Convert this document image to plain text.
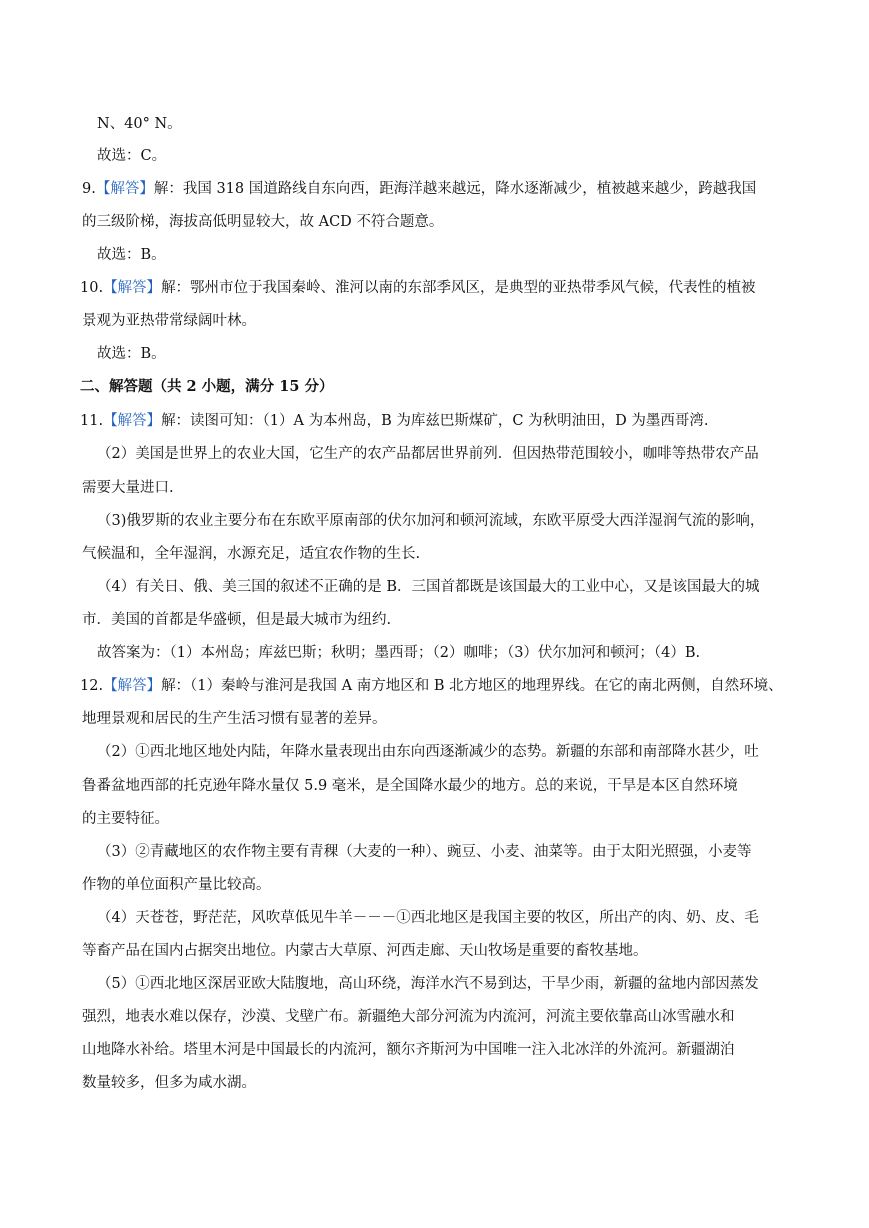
N、40° N。
故选：C。
9.【解答】解：我国 318 国道路线自东向西，距海洋越来越远，降水逐渐减少，植被越来越少，跨越我国
的三级阶梯，海拔高低明显较大，故 ACD 不符合题意。
故选：B。
10.【解答】解：鄂州市位于我国秦岭、淮河以南的东部季风区，是典型的亚热带季风气候，代表性的植被
景观为亚热带常绿阔叶林。
故选：B。
二、解答题（共 2 小题，满分 15 分）
11.【解答】解：读图可知：（1）A 为本州岛，B 为库兹巴斯煤矿，C 为秋明油田，D 为墨西哥湾.
（2）美国是世界上的农业大国，它生产的农产品都居世界前列．但因热带范围较小，咖啡等热带农产品
需要大量进口.
（3)俄罗斯的农业主要分布在东欧平原南部的伏尔加河和顿河流域，东欧平原受大西洋湿润气流的影响，
气候温和，全年湿润，水源充足，适宜农作物的生长.
（4）有关日、俄、美三国的叙述不正确的是 B．三国首都既是该国最大的工业中心，又是该国最大的城
市．美国的首都是华盛顿，但是最大城市为纽约.
故答案为：（1）本州岛；库兹巴斯；秋明；墨西哥；（2）咖啡；（3）伏尔加河和顿河；（4）B.
12.【解答】解：（1）秦岭与淮河是我国 A 南方地区和 B 北方地区的地理界线。在它的南北两侧，自然环境、
地理景观和居民的生产生活习惯有显著的差异。
（2）①西北地区地处内陆，年降水量表现出由东向西逐渐减少的态势。新疆的东部和南部降水甚少，吐
鲁番盆地西部的托克逊年降水量仅 5.9 毫米，是全国降水最少的地方。总的来说，干旱是本区自然环境
的主要特征。
（3）②青藏地区的农作物主要有青稞（大麦的一种）、豌豆、小麦、油菜等。由于太阳光照强，小麦等
作物的单位面积产量比较高。
（4）天苍苍，野茫茫，风吹草低见牛羊－－－①西北地区是我国主要的牧区，所出产的肉、奶、皮、毛
等畜产品在国内占据突出地位。内蒙古大草原、河西走廊、天山牧场是重要的畜牧基地。
（5）①西北地区深居亚欧大陆腹地，高山环绕，海洋水汽不易到达，干旱少雨，新疆的盆地内部因蒸发
强烈，地表水难以保存，沙漠、戈壁广布。新疆绝大部分河流为内流河，河流主要依靠高山冰雪融水和
山地降水补给。塔里木河是中国最长的内流河，额尔齐斯河为中国唯一注入北冰洋的外流河。新疆湖泊
数量较多，但多为咸水湖。
